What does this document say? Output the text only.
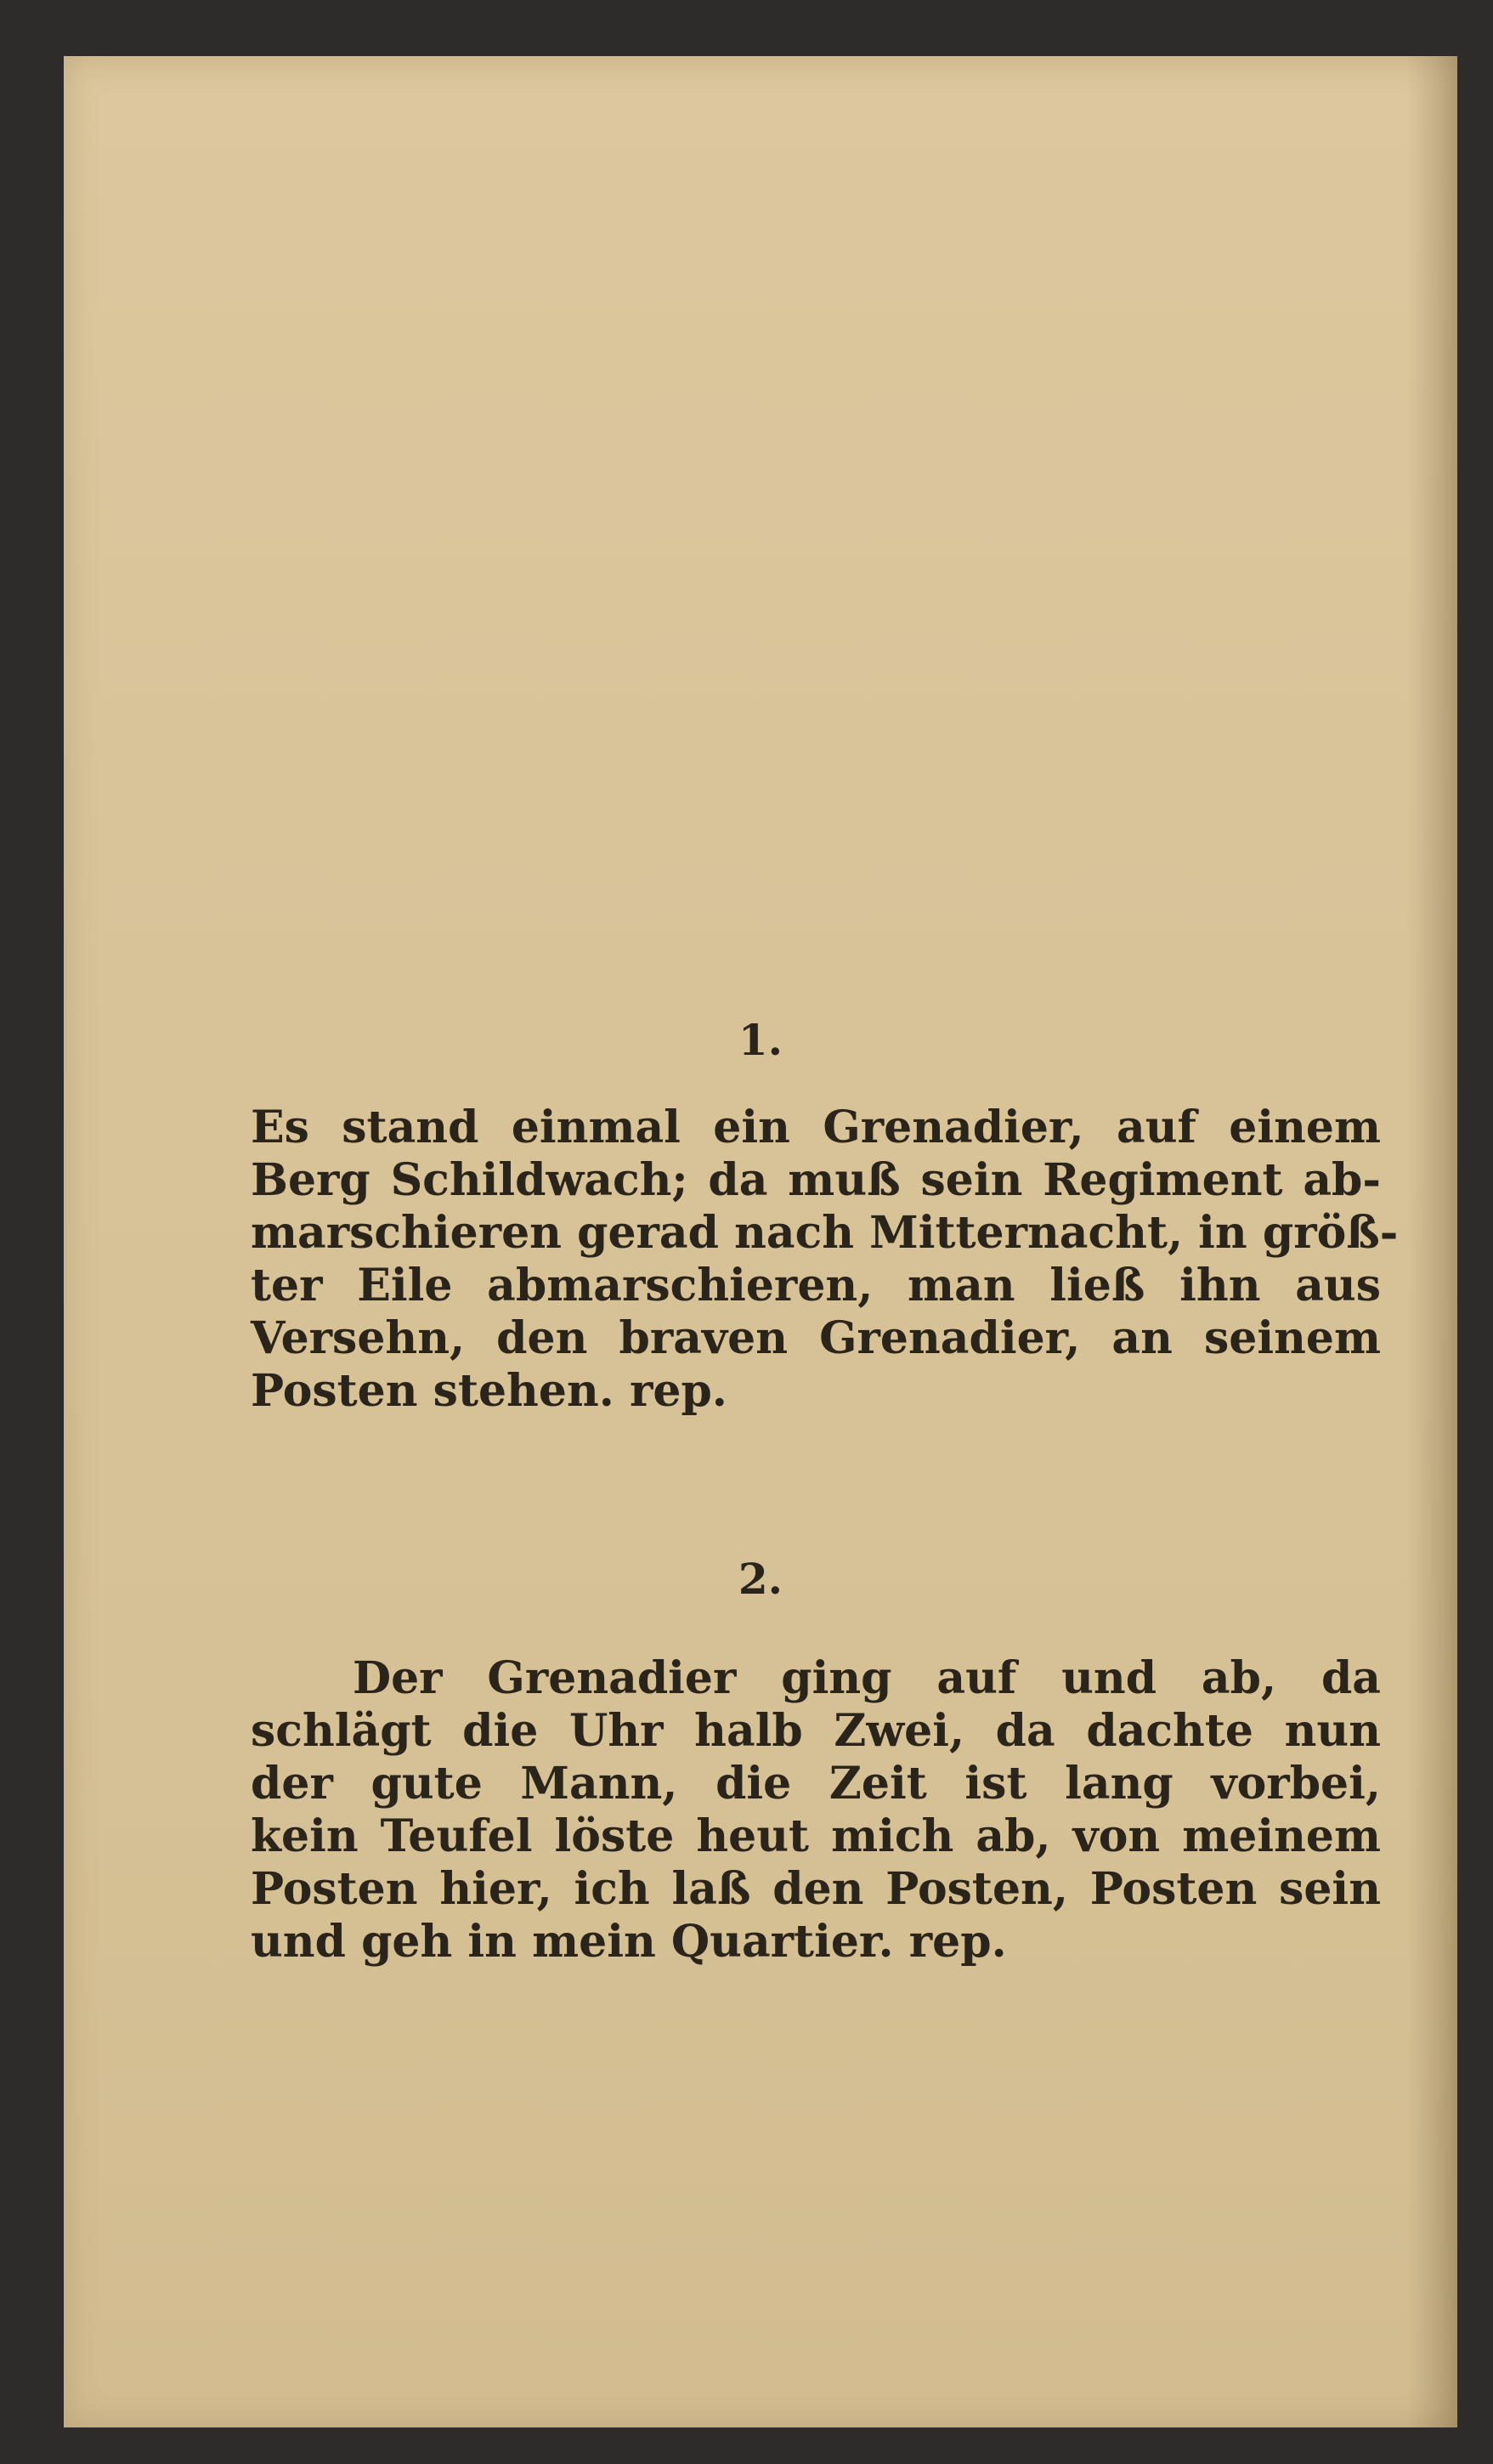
1.
Es stand einmal ein Grenadier, auf einem
Berg Schildwach; da muß sein Regiment ab-
marschieren gerad nach Mitternacht, in größ-
ter Eile abmarschieren, man ließ ihn aus
Versehn, den braven Grenadier, an seinem
Posten stehen. rep.
2.
Der Grenadier ging auf und ab, da
schlägt die Uhr halb Zwei, da dachte nun
der gute Mann, die Zeit ist lang vorbei,
kein Teufel löste heut mich ab, von meinem
Posten hier, ich laß den Posten, Posten sein
und geh in mein Quartier. rep.
